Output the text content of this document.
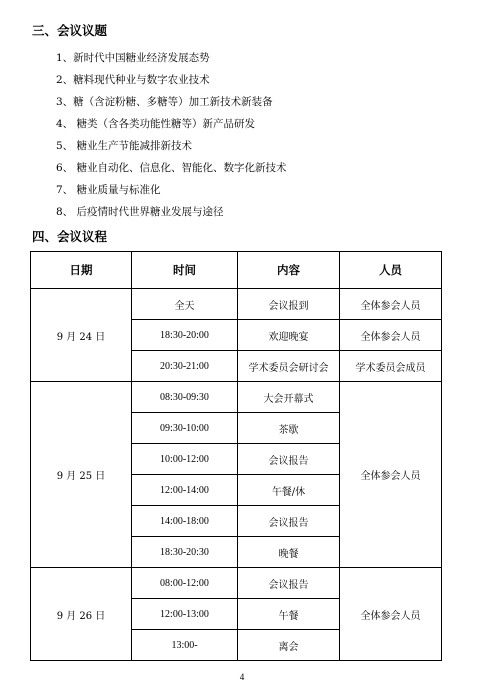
三、会议议题
1、新时代中国糖业经济发展态势
2、糖料现代种业与数字农业技术
3、糖（含淀粉糖、多糖等）加工新技术新装备
4、 糖类（含各类功能性糖等）新产品研发
5、 糖业生产节能减排新技术
6、 糖业自动化、信息化、智能化、数字化新技术
7、 糖业质量与标准化
8、 后疫情时代世界糖业发展与途径
四、会议议程
日期	时间	内容	人员
9 月 24 日	全天	会议报到	全体参会人员
	18:30-20:00	欢迎晚宴	全体参会人员
	20:30-21:00	学术委员会研讨会	学术委员会成员
9 月 25 日	08:30-09:30	大会开幕式	全体参会人员
	09:30-10:00	茶歇	
	10:00-12:00	会议报告	
	12:00-14:00	午餐/休	
	14:00-18:00	会议报告	
	18:30-20:30	晚餐	
9 月 26 日	08:00-12:00	会议报告	全体参会人员
	12:00-13:00	午餐	
	13:00-	离会	
4
